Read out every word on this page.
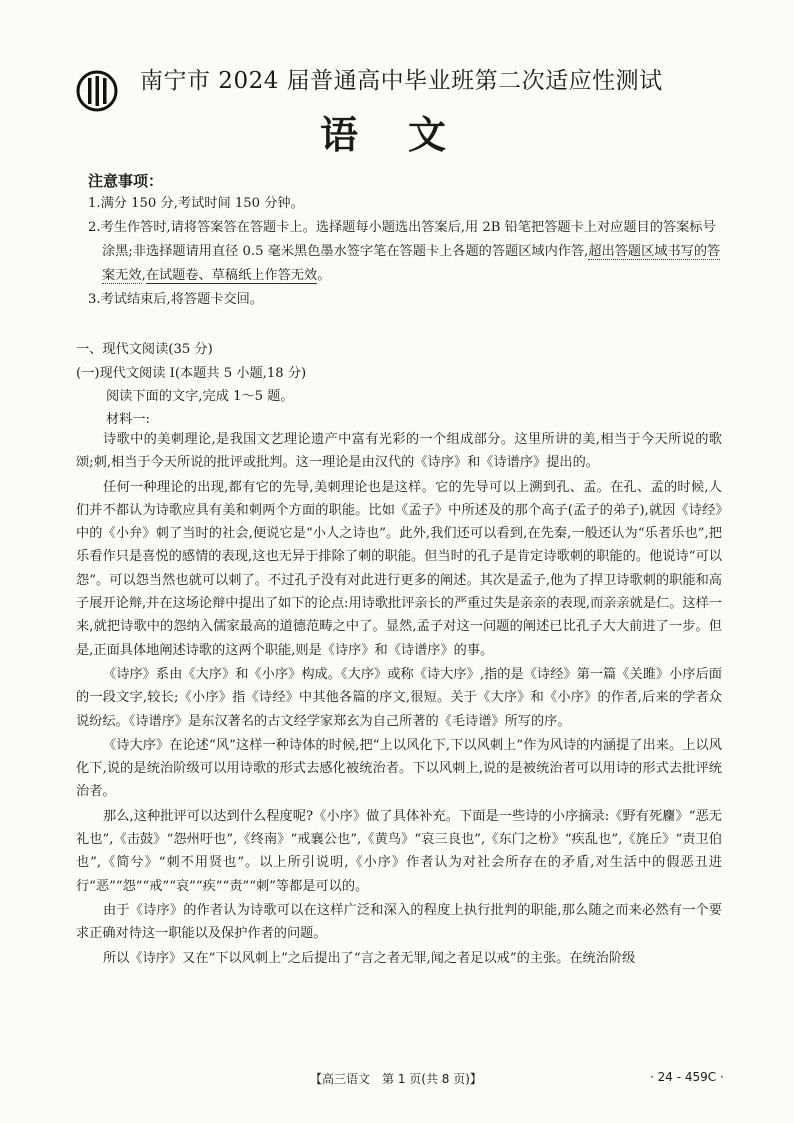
南宁市 2024 届普通高中毕业班第二次适应性测试
语文
注意事项：

1.满分 150 分,考试时间 150 分钟。

2.考生作答时,请将答案答在答题卡上。选择题每小题选出答案后,用 2B 铅笔把答题卡上对应题目的答案标号涂黑;非选择题请用直径 0.5 毫米黑色墨水签字笔在答题卡上各题的答题区域内作答,超出答题区域书写的答案无效,在试题卷、草稿纸上作答无效。

3.考试结束后,将答题卡交回。

一、现代文阅读(35 分)
(一)现代文阅读 I(本题共 5 小题,18 分)
阅读下面的文字,完成 1～5 题。
材料一:

诗歌中的美刺理论,是我国文艺理论遗产中富有光彩的一个组成部分。这里所讲的美,相当于今天所说的歌颂;刺,相当于今天所说的批评或批判。这一理论是由汉代的《诗序》和《诗谱序》提出的。

任何一种理论的出现,都有它的先导,美刺理论也是这样。它的先导可以上溯到孔、孟。在孔、孟的时候,人们并不都认为诗歌应具有美和刺两个方面的职能。比如《孟子》中所述及的那个高子(孟子的弟子),就因《诗经》中的《小弁》刺了当时的社会,便说它是“小人之诗也”。此外,我们还可以看到,在先秦,一般还认为“乐者乐也”,把乐看作只是喜悦的感情的表现,这也无异于排除了刺的职能。但当时的孔子是肯定诗歌刺的职能的。他说诗“可以怨”。可以怨当然也就可以刺了。不过孔子没有对此进行更多的阐述。其次是孟子,他为了捍卫诗歌刺的职能和高子展开论辩,并在这场论辩中提出了如下的论点:用诗歌批评亲长的严重过失是亲亲的表现,而亲亲就是仁。这样一来,就把诗歌中的怨纳入儒家最高的道德范畴之中了。显然,孟子对这一问题的阐述已比孔子大大前进了一步。但是,正面具体地阐述诗歌的这两个职能,则是《诗序》和《诗谱序》的事。

《诗序》系由《大序》和《小序》构成。《大序》或称《诗大序》,指的是《诗经》第一篇《关雎》小序后面的一段文字,较长;《小序》指《诗经》中其他各篇的序文,很短。关于《大序》和《小序》的作者,后来的学者众说纷纭。《诗谱序》是东汉著名的古文经学家郑玄为自己所著的《毛诗谱》所写的序。

《诗大序》在论述“风”这样一种诗体的时候,把“上以风化下,下以风刺上”作为风诗的内涵提了出来。上以风化下,说的是统治阶级可以用诗歌的形式去感化被统治者。下以风刺上,说的是被统治者可以用诗的形式去批评统治者。

那么,这种批评可以达到什么程度呢?《小序》做了具体补充。下面是一些诗的小序摘录:《野有死麕》“恶无礼也”,《击鼓》“怨州吁也”,《终南》“戒襄公也”,《黄鸟》“哀三良也”,《东门之枌》“疾乱也”,《旄丘》“责卫伯也”,《简兮》“刺不用贤也”。以上所引说明,《小序》作者认为对社会所存在的矛盾,对生活中的假恶丑进行“恶”“怨”“戒”“哀”“疾”“责”“刺”等都是可以的。

由于《诗序》的作者认为诗歌可以在这样广泛和深入的程度上执行批判的职能,那么随之而来必然有一个要求正确对待这一职能以及保护作者的问题。

所以《诗序》又在“下以风刺上”之后提出了“言之者无罪,闻之者足以戒”的主张。在统治阶级

【高三语文　第 1 页(共 8 页)】	· 24 - 459C ·
